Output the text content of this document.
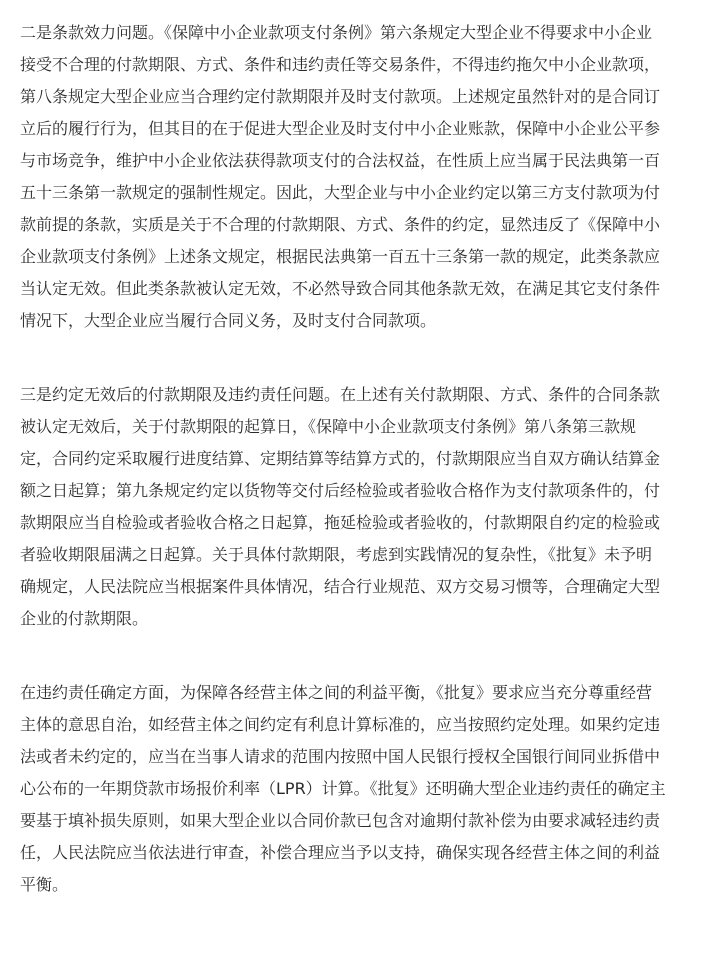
二是条款效力问题。《保障中小企业款项支付条例》第六条规定大型企业不得要求中小企业
接受不合理的付款期限、方式、条件和违约责任等交易条件，不得违约拖欠中小企业款项，
第八条规定大型企业应当合理约定付款期限并及时支付款项。上述规定虽然针对的是合同订
立后的履行行为，但其目的在于促进大型企业及时支付中小企业账款，保障中小企业公平参
与市场竞争，维护中小企业依法获得款项支付的合法权益，在性质上应当属于民法典第一百
五十三条第一款规定的强制性规定。因此，大型企业与中小企业约定以第三方支付款项为付
款前提的条款，实质是关于不合理的付款期限、方式、条件的约定，显然违反了《保障中小
企业款项支付条例》上述条文规定，根据民法典第一百五十三条第一款的规定，此类条款应
当认定无效。但此类条款被认定无效，不必然导致合同其他条款无效，在满足其它支付条件
情况下，大型企业应当履行合同义务，及时支付合同款项。
三是约定无效后的付款期限及违约责任问题。在上述有关付款期限、方式、条件的合同条款
被认定无效后，关于付款期限的起算日，《保障中小企业款项支付条例》第八条第三款规
定，合同约定采取履行进度结算、定期结算等结算方式的，付款期限应当自双方确认结算金
额之日起算；第九条规定约定以货物等交付后经检验或者验收合格作为支付款项条件的，付
款期限应当自检验或者验收合格之日起算，拖延检验或者验收的，付款期限自约定的检验或
者验收期限届满之日起算。关于具体付款期限，考虑到实践情况的复杂性，《批复》未予明
确规定，人民法院应当根据案件具体情况，结合行业规范、双方交易习惯等，合理确定大型
企业的付款期限。
在违约责任确定方面，为保障各经营主体之间的利益平衡，《批复》要求应当充分尊重经营
主体的意思自治，如经营主体之间约定有利息计算标准的，应当按照约定处理。如果约定违
法或者未约定的，应当在当事人请求的范围内按照中国人民银行授权全国银行间同业拆借中
心公布的一年期贷款市场报价利率（LPR）计算。《批复》还明确大型企业违约责任的确定主
要基于填补损失原则，如果大型企业以合同价款已包含对逾期付款补偿为由要求减轻违约责
任，人民法院应当依法进行审查，补偿合理应当予以支持，确保实现各经营主体之间的利益
平衡。
